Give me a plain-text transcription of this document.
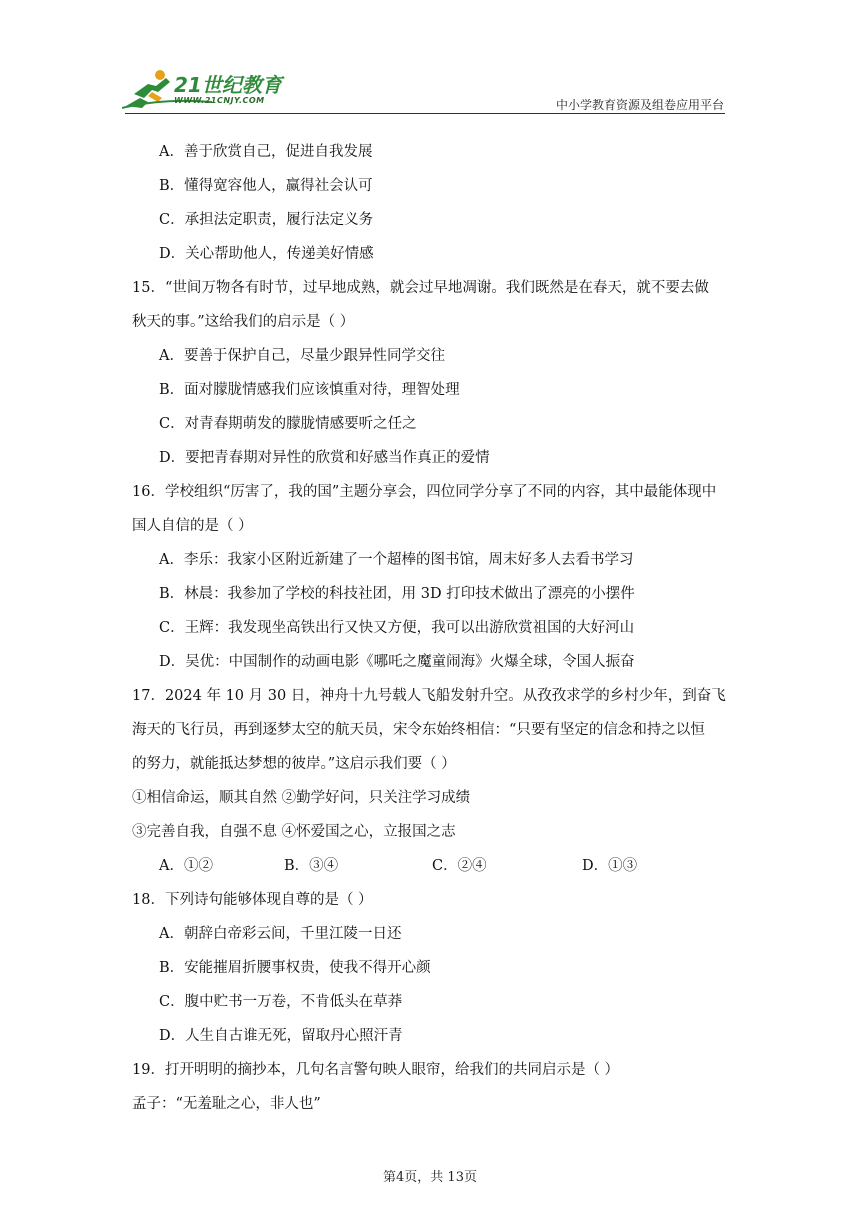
21世纪教育
WWW.21CNJY.COM	中小学教育资源及组卷应用平台
A．善于欣赏自己，促进自我发展
B．懂得宽容他人，赢得社会认可
C．承担法定职责，履行法定义务
D．关心帮助他人，传递美好情感
15．“世间万物各有时节，过早地成熟，就会过早地凋谢。我们既然是在春天，就不要去做
秋天的事。”这给我们的启示是（ ）
A．要善于保护自己，尽量少跟异性同学交往
B．面对朦胧情感我们应该慎重对待，理智处理
C．对青春期萌发的朦胧情感要听之任之
D．要把青春期对异性的欣赏和好感当作真正的爱情
16．学校组织“厉害了，我的国”主题分享会，四位同学分享了不同的内容，其中最能体现中
国人自信的是（ ）
A．李乐：我家小区附近新建了一个超棒的图书馆，周末好多人去看书学习
B．林晨：我参加了学校的科技社团，用 3D 打印技术做出了漂亮的小摆件
C．王辉：我发现坐高铁出行又快又方便，我可以出游欣赏祖国的大好河山
D．吴优：中国制作的动画电影《哪吒之魔童闹海》火爆全球，令国人振奋
17．2024 年 10 月 30 日，神舟十九号载人飞船发射升空。从孜孜求学的乡村少年，到奋飞
海天的飞行员，再到逐梦太空的航天员，宋令东始终相信：“只要有坚定的信念和持之以恒
的努力，就能抵达梦想的彼岸。”这启示我们要（ ）
①相信命运，顺其自然 ②勤学好问，只关注学习成绩
③完善自我，自强不息 ④怀爱国之心，立报国之志
A．①②	B．③④	C．②④	D．①③
18．下列诗句能够体现自尊的是（ ）
A．朝辞白帝彩云间，千里江陵一日还
B．安能摧眉折腰事权贵，使我不得开心颜
C．腹中贮书一万卷，不肯低头在草莽
D．人生自古谁无死，留取丹心照汗青
19．打开明明的摘抄本，几句名言警句映人眼帘，给我们的共同启示是（ ）
孟子：“无羞耻之心，非人也”
第4页，共 13页
